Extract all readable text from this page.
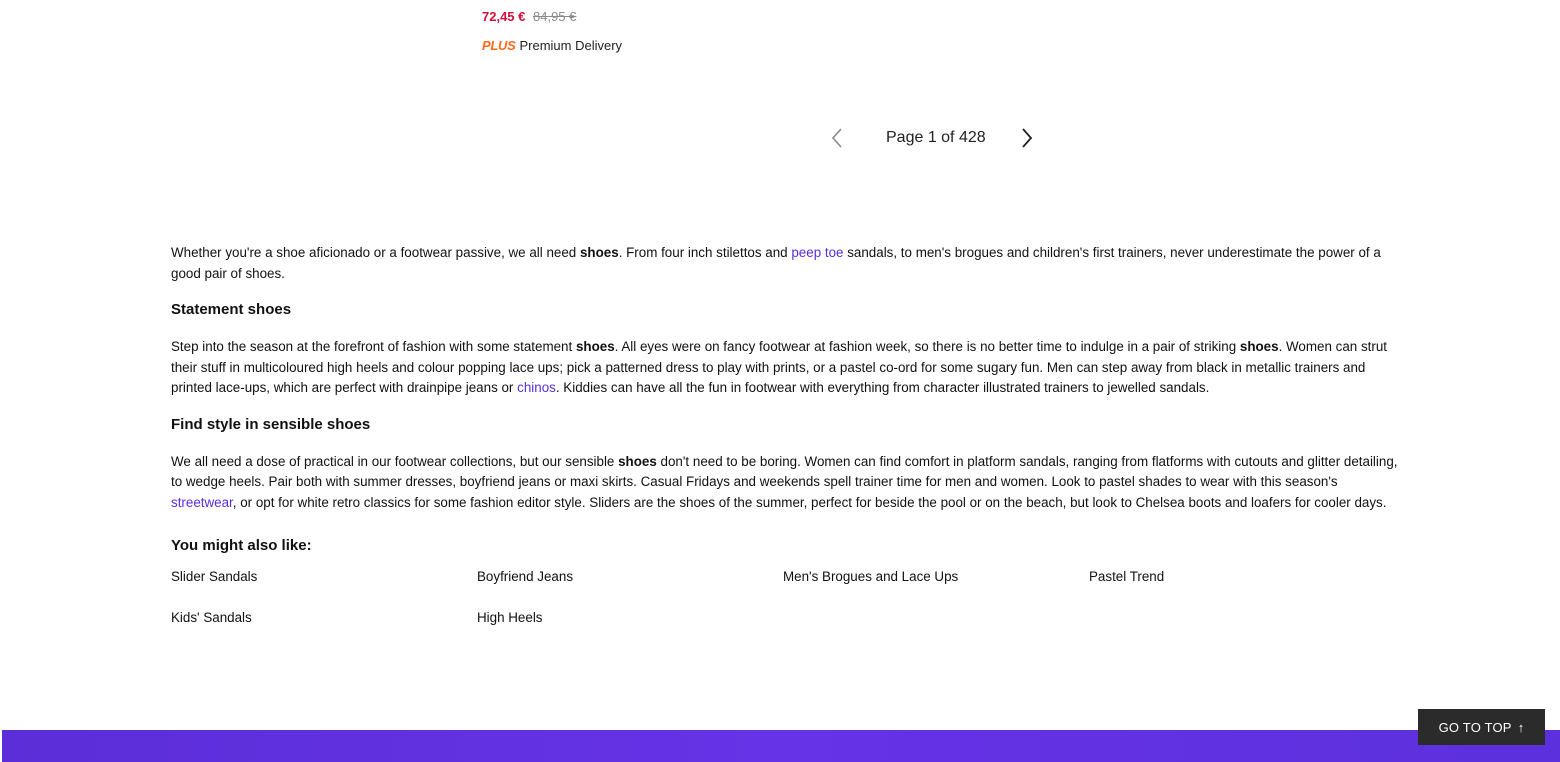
72,45 € 84,95 €
PLUS Premium Delivery
Page 1 of 428

Whether you're a shoe aficionado or a footwear passive, we all need shoes. From four inch stilettos and peep toe sandals, to men's brogues and children's first trainers, never underestimate the power of a good pair of shoes.

Statement shoes

Step into the season at the forefront of fashion with some statement shoes. All eyes were on fancy footwear at fashion week, so there is no better time to indulge in a pair of striking shoes. Women can strut their stuff in multicoloured high heels and colour popping lace ups; pick a patterned dress to play with prints, or a pastel co-ord for some sugary fun. Men can step away from black in metallic trainers and printed lace-ups, which are perfect with drainpipe jeans or chinos. Kiddies can have all the fun in footwear with everything from character illustrated trainers to jewelled sandals.

Find style in sensible shoes

We all need a dose of practical in our footwear collections, but our sensible shoes don't need to be boring. Women can find comfort in platform sandals, ranging from flatforms with cutouts and glitter detailing, to wedge heels. Pair both with summer dresses, boyfriend jeans or maxi skirts. Casual Fridays and weekends spell trainer time for men and women. Look to pastel shades to wear with this season's streetwear, or opt for white retro classics for some fashion editor style. Sliders are the shoes of the summer, perfect for beside the pool or on the beach, but look to Chelsea boots and loafers for cooler days.

You might also like:
Slider Sandals	Boyfriend Jeans	Men's Brogues and Lace Ups	Pastel Trend
Kids' Sandals	High Heels
GO TO TOP ↑
